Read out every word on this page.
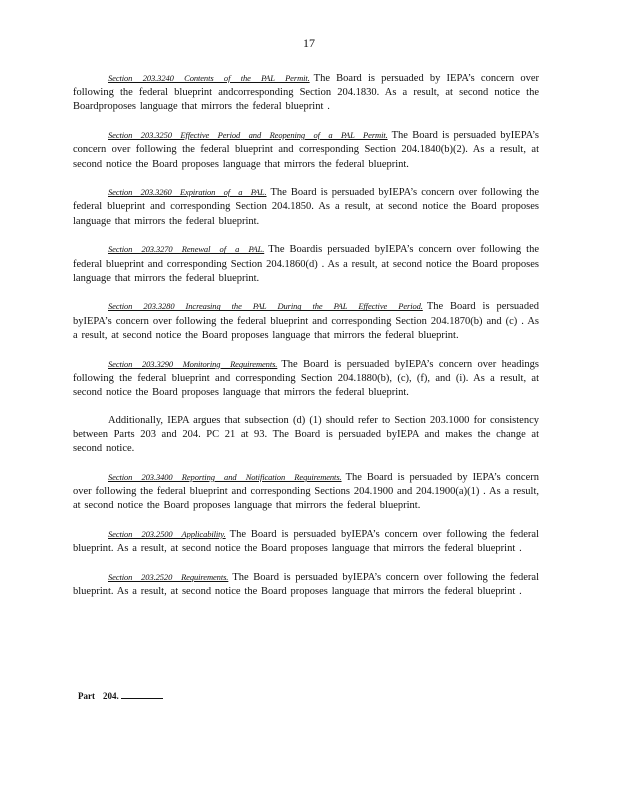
17

Section 203.3240 Contents of the PAL Permit. The Board is persuaded by IEPA’s concern over following the federal blueprint andcorresponding Section 204.1830. As a result, at second notice the Boardproposes language that mirrors the federal blueprint .

Section 203.3250 Effective Period and Reopening of a PAL Permit. The Board is persuaded byIEPA’s concern over following the federal blueprint and corresponding Section 204.1840(b)(2). As a result, at second notice the Board proposes language that mirrors the federal blueprint.

Section 203.3260 Expiration of a PAL. The Board is persuaded byIEPA’s concern over following the federal blueprint and corresponding Section 204.1850. As a result, at second notice the Board proposes language that mirrors the federal blueprint.

Section 203.3270 Renewal of a PAL. The Boardis persuaded byIEPA’s concern over following the federal blueprint and corresponding Section 204.1860(d) . As a result, at second notice the Board proposes language that mirrors the federal blueprint.

Section 203.3280 Increasing the PAL During the PAL Effective Period. The Board is persuaded byIEPA’s concern over following the federal blueprint and corresponding Section 204.1870(b) and (c) . As a result, at second notice the Board proposes language that mirrors the federal blueprint.

Section 203.3290 Monitoring Requirements. The Board is persuaded byIEPA’s concern over headings following the federal blueprint and corresponding Section 204.1880(b), (c), (f), and (i). As a result, at second notice the Board proposes language that mirrors the federal blueprint.

Additionally, IEPA argues that subsection (d) (1) should refer to Section 203.1000 for consistency between Parts 203 and 204. PC 21 at 93. The Board is persuaded byIEPA and makes the change at second notice.

Section 203.3400 Reporting and Notification Requirements. The Board is persuaded by IEPA’s concern over following the federal blueprint and corresponding Sections 204.1900 and 204.1900(a)(1) . As a result, at second notice the Board proposes language that mirrors the federal blueprint.

Section 203.2500 Applicability. The Board is persuaded byIEPA’s concern over following the federal blueprint. As a result, at second notice the Board proposes language that mirrors the federal blueprint .

Section 203.2520 Requirements. The Board is persuaded byIEPA’s concern over following the federal blueprint. As a result, at second notice the Board proposes language that mirrors the federal blueprint .

Part 204.
